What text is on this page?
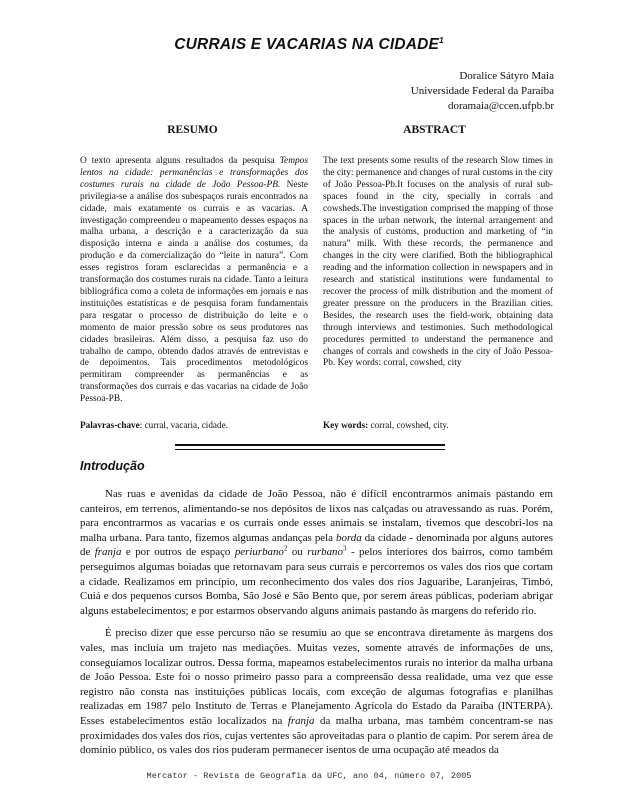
CURRAIS E VACARIAS NA CIDADE$^1$
Doralice Sátyro Maia
Universidade Federal da Paraíba
doramaia@ccen.ufpb.br
RESUMO	ABSTRACT
O texto apresenta alguns resultados da pesquisa Tempos lentos na cidade: permanências e transformações dos costumes rurais na cidade de João Pessoa-PB. Neste privilegia-se a análise dos subespaços rurais encontrados na cidade, mais exatamente os currais e as vacarias. A investigação compreendeu o mapeamento desses espaços na malha urbana, a descrição e a caracterização da sua disposição interna e ainda a análise dos costumes, da produção e da comercialização do “leite in natura”. Com esses registros foram esclarecidas a permanência e a transformação dos costumes rurais na cidade. Tanto a leitura bibliográfica como a coleta de informações em jornais e nas instituições estatísticas e de pesquisa foram fundamentais para resgatar o processo de distribuição do leite e o momento de maior pressão sobre os seus produtores nas cidades brasileiras. Além disso, a pesquisa faz uso do trabalho de campo, obtendo dados através de entrevistas e de depoimentos. Tais procedimentos metodológicos permitiram compreender as permanências e as transformações dos currais e das vacarias na cidade de João Pessoa-PB.
The text presents some results of the research Slow times in the city: permanence and changes of rural customs in the city of João Pessoa-Pb.It focuses on the analysis of rural sub-spaces found in the city, specially in corrals and cowsheds.The investigation comprised the mapping of those spaces in the urban network, the internal arrangement and the analysis of customs, production and marketing of “in natura” milk. With these records, the permanence and changes in the city were clarified. Both the bibliographical reading and the information collection in newspapers and in research and statistical institutions were fundamental to recover the process of milk distribution and the moment of greater pressure on the producers in the Brazilian cities. Besides, the research uses the field-work, obtaining data through interviews and testimonies. Such methodological procedures permitted to understand the permanence and changes of corrals and cowsheds in the city of João Pessoa-Pb. Key words: corral, cowshed, city
Palavras-chave: curral, vacaria, cidade.	Key words: corral, cowshed, city.
Introdução

Nas ruas e avenidas da cidade de João Pessoa, não é difícil encontrarmos animais pastando em canteiros, em terrenos, alimentando-se nos depósitos de lixos nas calçadas ou atravessando as ruas. Porém, para encontrarmos as vacarias e os currais onde esses animais se instalam, tivemos que descobri-los na malha urbana. Para tanto, fizemos algumas andanças pela borda da cidade - denominada por alguns autores de franja e por outros de espaço periurbano$^2$ ou rurbano$^3$ - pelos interiores dos bairros, como também perseguimos algumas boiadas que retornavam para seus currais e percorremos os vales dos rios que cortam a cidade. Realizamos em princípio, um reconhecimento dos vales dos rios Jaguaribe, Laranjeiras, Timbó, Cuiá e dos pequenos cursos Bomba, São José e São Bento que, por serem áreas públicas, poderiam abrigar alguns estabelecimentos; e por estarmos observando alguns animais pastando às margens do referido rio.

É preciso dizer que esse percurso não se resumiu ao que se encontrava diretamente às margens dos vales, mas incluía um trajeto nas mediações. Muitas vezes, somente através de informações de uns, conseguíamos localizar outros. Dessa forma, mapeamos estabelecimentos rurais no interior da malha urbana de João Pessoa. Este foi o nosso primeiro passo para a compreensão dessa realidade, uma vez que esse registro não consta nas instituições públicas locais, com exceção de algumas fotografias e planilhas realizadas em 1987 pelo Instituto de Terras e Planejamento Agrícola do Estado da Paraíba (INTERPA). Esses estabelecimentos estão localizados na franja da malha urbana, mas também concentram-se nas proximidades dos vales dos rios, cujas vertentes são aproveitadas para o plantio de capim. Por serem área de domínio público, os vales dos rios puderam permanecer isentos de uma ocupação até meados da

Mercator - Revista de Geografia da UFC, ano 04, número 07, 2005
